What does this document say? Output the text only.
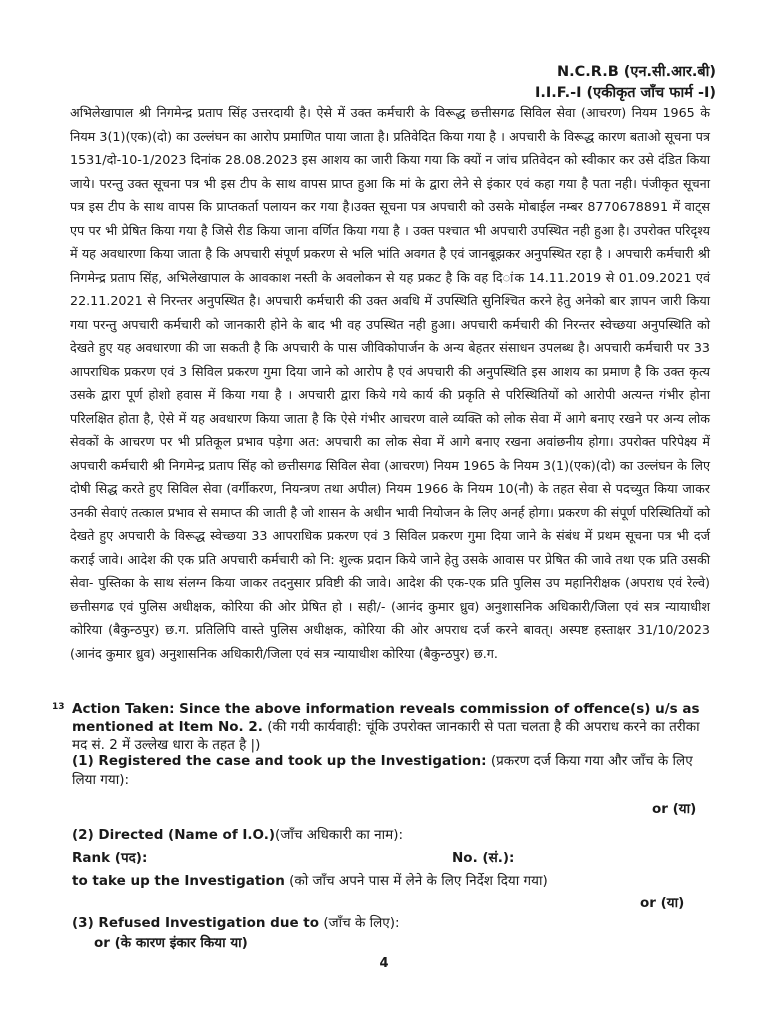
N.C.R.B (एन.सी.आर.बी)
I.I.F.-I (एकीकृत जाँच फार्म -I)

अभिलेखापाल श्री निगमेन्द्र प्रताप सिंह उत्तरदायी है। ऐसे में उक्त कर्मचारी के विरूद्ध छत्तीसगढ सिविल सेवा (आचरण) नियम 1965 के नियम 3(1)(एक)(दो) का उल्लंघन का आरोप प्रमाणित पाया जाता है। प्रतिवेदित किया गया है । अपचारी के विरूद्ध कारण बताओ सूचना पत्र 1531/दो-10-1/2023 दिनांक 28.08.2023 इस आशय का जारी किया गया कि क्यों न जांच प्रतिवेदन को स्वीकार कर उसे दंडित किया जाये। परन्तु उक्त सूचना पत्र भी इस टीप के साथ वापस प्राप्त हुआ कि मां के द्वारा लेने से इंकार एवं कहा गया है पता नही। पंजीकृत सूचना पत्र इस टीप के साथ वापस कि प्राप्तकर्ता पलायन कर गया है।उक्त सूचना पत्र अपचारी को उसके मोबाईल नम्बर 8770678891 में वाट्स एप पर भी प्रेषित किया गया है जिसे रीड किया जाना वर्णित किया गया है । उक्त पश्चात भी अपचारी उपस्थित नही हुआ है। उपरोक्त परिदृश्य में यह अवधारणा किया जाता है कि अपचारी संपूर्ण प्रकरण से भलि भांति अवगत है एवं जानबूझकर अनुपस्थित रहा है । अपचारी कर्मचारी श्री निगमेन्द्र प्रताप सिंह, अभिलेखापाल के आवकाश नस्ती के अवलोकन से यह प्रकट है कि वह दि◌ांक 14.11.2019 से 01.09.2021 एवं 22.11.2021 से निरन्तर अनुपस्थित है। अपचारी कर्मचारी की उक्त अवधि में उपस्थिति सुनिश्चित करने हेतु अनेको बार ज्ञापन जारी किया गया परन्तु अपचारी कर्मचारी को जानकारी होने के बाद भी वह उपस्थित नही हुआ। अपचारी कर्मचारी की निरन्तर स्वेच्छया अनुपस्थिति को देखते हुए यह अवधारणा की जा सकती है कि अपचारी के पास जीविकोपार्जन के अन्य बेहतर संसाधन उपलब्ध है। अपचारी कर्मचारी पर 33 आपराधिक प्रकरण एवं 3 सिविल प्रकरण गुमा दिया जाने को आरोप है एवं अपचारी की अनुपस्थिति इस आशय का प्रमाण है कि उक्त कृत्य उसके द्वारा पूर्ण होशो हवास में किया गया है । अपचारी द्वारा किये गये कार्य की प्रकृति से परिस्थितियों को आरोपी अत्यन्त गंभीर होना परिलक्षित होता है, ऐसे में यह अवधारण किया जाता है कि ऐसे गंभीर आचरण वाले व्यक्ति को लोक सेवा में आगे बनाए रखने पर अन्य लोक सेवकों के आचरण पर भी प्रतिकूल प्रभाव पड़ेगा अत: अपचारी का लोक सेवा में आगे बनाए रखना अवांछनीय होगा। उपरोक्त परिपेक्ष्य में अपचारी कर्मचारी श्री निगमेन्द्र प्रताप सिंह को छत्तीसगढ सिविल सेवा (आचरण) नियम 1965 के नियम 3(1)(एक)(दो) का उल्लंघन के लिए दोषी सिद्ध करते हुए सिविल सेवा (वर्गीकरण, नियन्त्रण तथा अपील) नियम 1966 के नियम 10(नौ) के तहत सेवा से पदच्युत किया जाकर उनकी सेवाएं तत्काल प्रभाव से समाप्त की जाती है जो शासन के अधीन भावी नियोजन के लिए अनर्ह होगा। प्रकरण की संपूर्ण परिस्थितियों को देखते हुए अपचारी के विरूद्ध स्वेच्छया 33 आपराधिक प्रकरण एवं 3 सिविल प्रकरण गुमा दिया जाने के संबंध में प्रथम सूचना पत्र भी दर्ज कराई जावे। आदेश की एक प्रति अपचारी कर्मचारी को नि: शुल्क प्रदान किये जाने हेतु उसके आवास पर प्रेषित की जावे तथा एक प्रति उसकी सेवा- पुस्तिका के साथ संलग्न किया जाकर तदनुसार प्रविष्टी की जावे। आदेश की एक-एक प्रति पुलिस उप महानिरीक्षक (अपराध एवं रेल्वे) छत्तीसगढ एवं पुलिस अधीक्षक, कोरिया की ओर प्रेषित हो । सही/- (आनंद कुमार ध्रुव) अनुशासनिक अधिकारी/जिला एवं सत्र न्यायाधीश कोरिया (बैकुन्ठपुर) छ.ग. प्रतिलिपि वास्ते पुलिस अधीक्षक, कोरिया की ओर अपराध दर्ज करने बावत्। अस्पष्ट हस्ताक्षर 31/10/2023 (आनंद कुमार ध्रुव) अनुशासनिक अधिकारी/जिला एवं सत्र न्यायाधीश कोरिया (बैकुन्ठपुर) छ.ग.

13 Action Taken: Since the above information reveals commission of offence(s) u/s as mentioned at Item No. 2. (की गयी कार्यवाही: चूंकि उपरोक्त जानकारी से पता चलता है की अपराध करने का तरीका मद सं. 2 में उल्लेख धारा के तहत है |)
(1) Registered the case and took up the Investigation: (प्रकरण दर्ज किया गया और जाँच के लिए लिया गया):
or (या)
(2) Directed (Name of I.O.)(जाँच अधिकारी का नाम):
Rank (पद):	No. (सं.):
to take up the Investigation (को जाँच अपने पास में लेने के लिए निर्देश दिया गया)
or (या)
(3) Refused Investigation due to (जाँच के लिए):
or (के कारण इंकार किया या)
4
